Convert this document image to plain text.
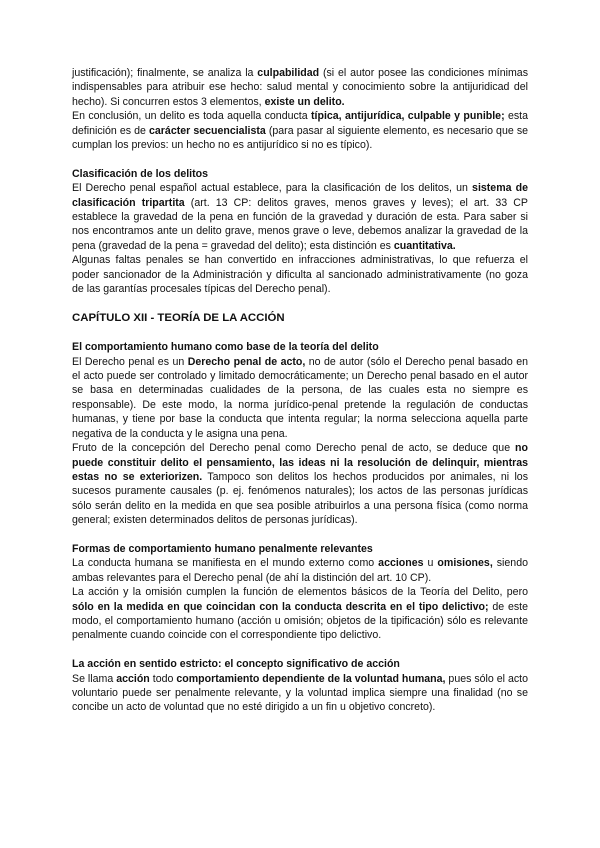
justificación); finalmente, se analiza la culpabilidad (si el autor posee las condiciones mínimas indispensables para atribuir ese hecho: salud mental y conocimiento sobre la antijuridicad del hecho). Si concurren estos 3 elementos, existe un delito.

En conclusión, un delito es toda aquella conducta típica, antijurídica, culpable y punible; esta definición es de carácter secuencialista (para pasar al siguiente elemento, es necesario que se cumplan los previos: un hecho no es antijurídico si no es típico).

Clasificación de los delitos

El Derecho penal español actual establece, para la clasificación de los delitos, un sistema de clasificación tripartita (art. 13 CP: delitos graves, menos graves y leves); el art. 33 CP establece la gravedad de la pena en función de la gravedad y duración de esta. Para saber si nos encontramos ante un delito grave, menos grave o leve, debemos analizar la gravedad de la pena (gravedad de la pena = gravedad del delito); esta distinción es cuantitativa.

Algunas faltas penales se han convertido en infracciones administrativas, lo que refuerza el poder sancionador de la Administración y dificulta al sancionado administrativamente (no goza de las garantías procesales típicas del Derecho penal).

CAPÍTULO XII - TEORÍA DE LA ACCIÓN
El comportamiento humano como base de la teoría del delito

El Derecho penal es un Derecho penal de acto, no de autor (sólo el Derecho penal basado en el acto puede ser controlado y limitado democráticamente; un Derecho penal basado en el autor se basa en determinadas cualidades de la persona, de las cuales esta no siempre es responsable). De este modo, la norma jurídico-penal pretende la regulación de conductas humanas, y tiene por base la conducta que intenta regular; la norma selecciona aquella parte negativa de la conducta y le asigna una pena.

Fruto de la concepción del Derecho penal como Derecho penal de acto, se deduce que no puede constituir delito el pensamiento, las ideas ni la resolución de delinquir, mientras estas no se exteriorizen. Tampoco son delitos los hechos producidos por animales, ni los sucesos puramente causales (p. ej. fenómenos naturales); los actos de las personas jurídicas sólo serán delito en la medida en que sea posible atribuirlos a una persona física (como norma general; existen determinados delitos de personas jurídicas).

Formas de comportamiento humano penalmente relevantes

La conducta humana se manifiesta en el mundo externo como acciones u omisiones, siendo ambas relevantes para el Derecho penal (de ahí la distinción del art. 10 CP).

La acción y la omisión cumplen la función de elementos básicos de la Teoría del Delito, pero sólo en la medida en que coincidan con la conducta descrita en el tipo delictivo; de este modo, el comportamiento humano (acción u omisión; objetos de la tipificación) sólo es relevante penalmente cuando coincide con el correspondiente tipo delictivo.

La acción en sentido estricto: el concepto significativo de acción

Se llama acción todo comportamiento dependiente de la voluntad humana, pues sólo el acto voluntario puede ser penalmente relevante, y la voluntad implica siempre una finalidad (no se concibe un acto de voluntad que no esté dirigido a un fin u objetivo concreto).
